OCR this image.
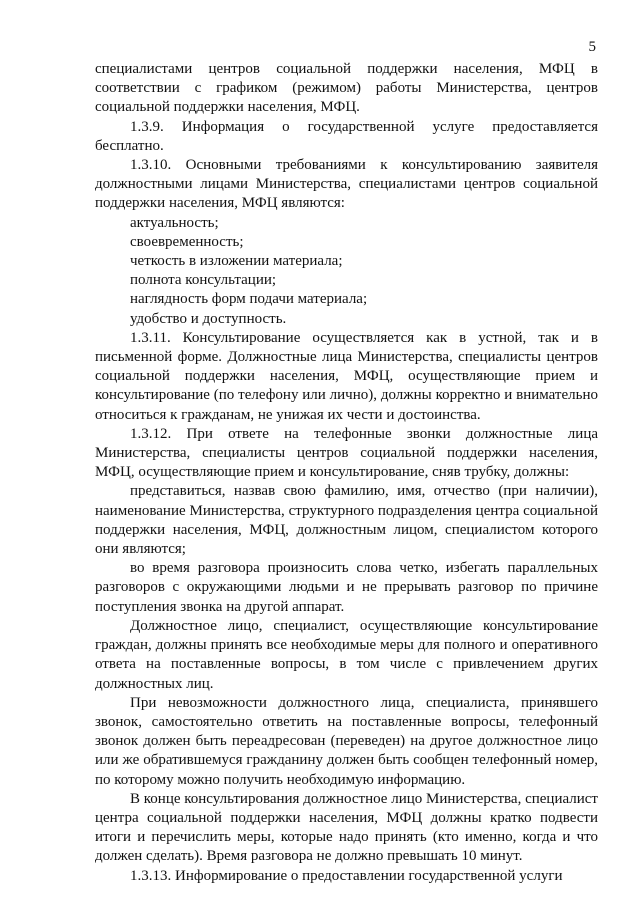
5

специалистами центров социальной поддержки населения, МФЦ в соответствии с графиком (режимом) работы Министерства, центров социальной поддержки населения, МФЦ.

1.3.9. Информация о государственной услуге предоставляется бесплатно.

1.3.10. Основными требованиями к консультированию заявителя должностными лицами Министерства, специалистами центров социальной поддержки населения, МФЦ являются:

актуальность;

своевременность;

четкость в изложении материала;

полнота консультации;

наглядность форм подачи материала;

удобство и доступность.

1.3.11. Консультирование осуществляется как в устной, так и в письменной форме. Должностные лица Министерства, специалисты центров социальной поддержки населения, МФЦ, осуществляющие прием и консультирование (по телефону или лично), должны корректно и внимательно относиться к гражданам, не унижая их чести и достоинства.

1.3.12. При ответе на телефонные звонки должностные лица Министерства, специалисты центров социальной поддержки населения, МФЦ, осуществляющие прием и консультирование, сняв трубку, должны:

представиться, назвав свою фамилию, имя, отчество (при наличии), наименование Министерства, структурного подразделения центра социальной поддержки населения, МФЦ, должностным лицом, специалистом которого они являются;

во время разговора произносить слова четко, избегать параллельных разговоров с окружающими людьми и не прерывать разговор по причине поступления звонка на другой аппарат.

Должностное лицо, специалист, осуществляющие консультирование граждан, должны принять все необходимые меры для полного и оперативного ответа на поставленные вопросы, в том числе с привлечением других должностных лиц.

При невозможности должностного лица, специалиста, принявшего звонок, самостоятельно ответить на поставленные вопросы, телефонный звонок должен быть переадресован (переведен) на другое должностное лицо или же обратившемуся гражданину должен быть сообщен телефонный номер, по которому можно получить необходимую информацию.

В конце консультирования должностное лицо Министерства, специалист центра социальной поддержки населения, МФЦ должны кратко подвести итоги и перечислить меры, которые надо принять (кто именно, когда и что должен сделать). Время разговора не должно превышать 10 минут.

1.3.13. Информирование о предоставлении государственной услуги
